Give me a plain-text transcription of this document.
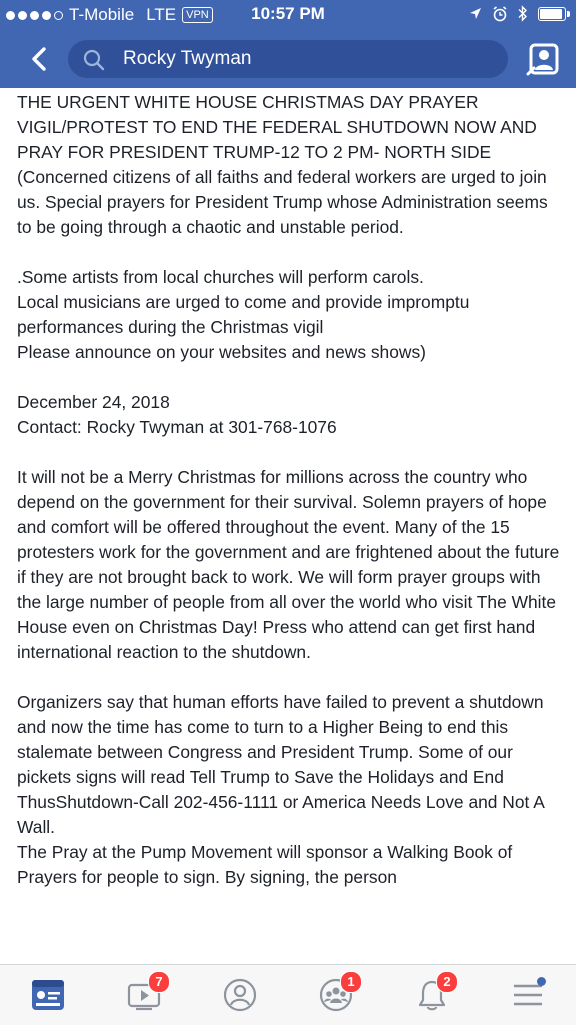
T-Mobile LTE VPN	10:57 PM
Rocky Twyman

THE URGENT WHITE HOUSE CHRISTMAS DAY PRAYER VIGIL/PROTEST TO END THE FEDERAL SHUTDOWN NOW AND PRAY FOR PRESIDENT TRUMP-12 TO 2 PM- NORTH SIDE (Concerned citizens of all faiths and federal workers are urged to join us. Special prayers for President Trump whose Administration seems to be going through a chaotic and unstable period.

.Some artists from local churches will perform carols.
Local musicians are urged to come and provide impromptu performances during the Christmas vigil
Please announce on your websites and news shows)

December 24, 2018
Contact: Rocky Twyman at 301-768-1076

It will not be a Merry Christmas for millions across the country who depend on the government for their survival. Solemn prayers of hope and comfort will be offered throughout the event. Many of the 15 protesters work for the government and are frightened about the future if they are not brought back to work. We will form prayer groups with the large number of people from all over the world who visit The White House even on Christmas Day! Press who attend can get first hand international reaction to the shutdown.

Organizers say that human efforts have failed to prevent a shutdown and now the time has come to turn to a Higher Being to end this stalemate between Congress and President Trump. Some of our pickets signs will read Tell Trump to Save the Holidays and End ThusShutdown-Call 202-456-1111 or America Needs Love and Not A Wall.
The Pray at the Pump Movement will sponsor a Walking Book of Prayers for people to sign. By signing, the person

7	1	2
